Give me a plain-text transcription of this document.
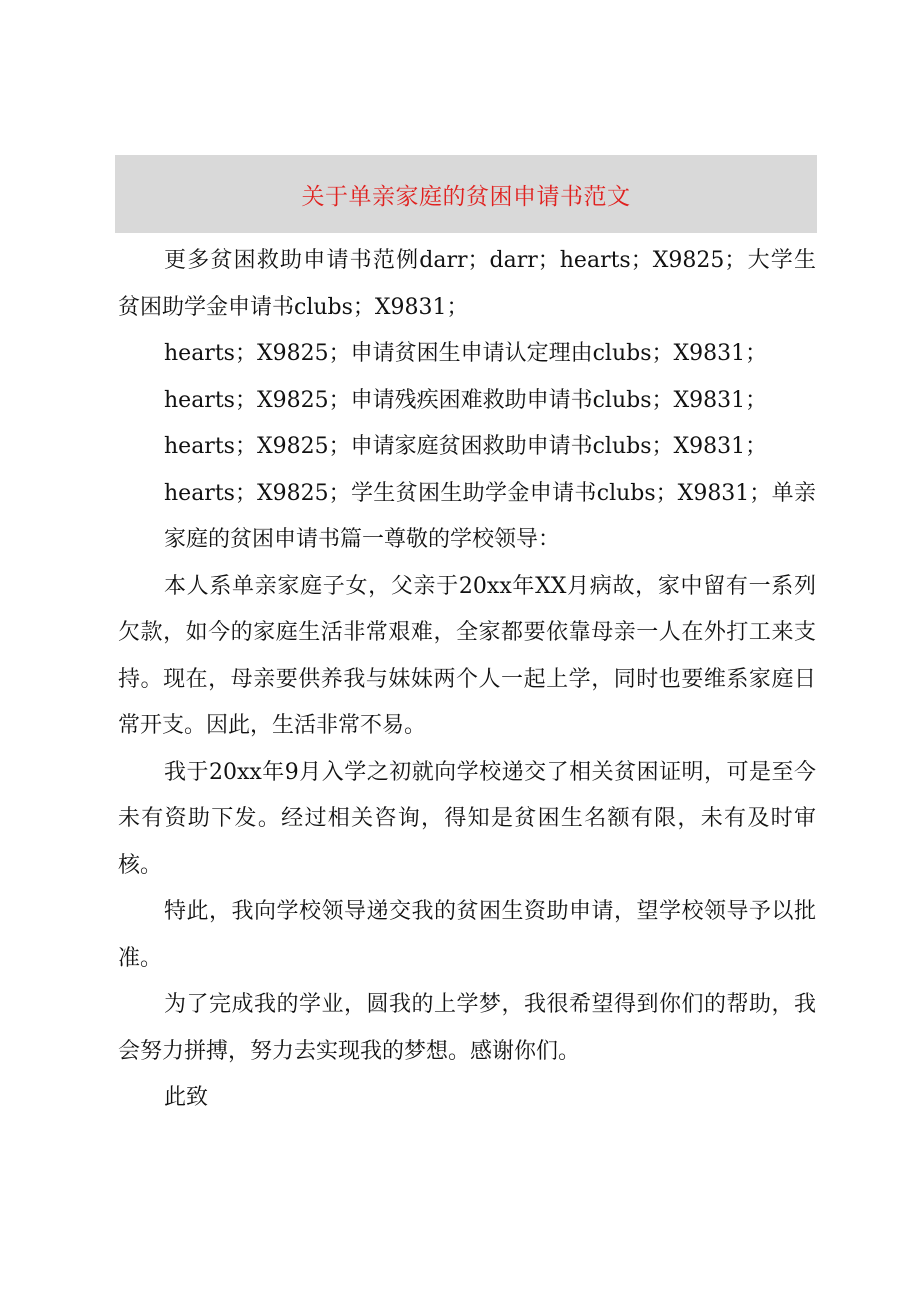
关于单亲家庭的贫困申请书范文

更多贫困救助申请书范例darr；darr；hearts；X9825；大学生贫困助学金申请书clubs；X9831；

hearts；X9825；申请贫困生申请认定理由clubs；X9831；

hearts；X9825；申请残疾困难救助申请书clubs；X9831；

hearts；X9825；申请家庭贫困救助申请书clubs；X9831；

hearts；X9825；学生贫困生助学金申请书clubs；X9831；单亲家庭的贫困申请书篇一尊敬的学校领导：

本人系单亲家庭子女，父亲于20xx年XX月病故，家中留有一系列欠款，如今的家庭生活非常艰难，全家都要依靠母亲一人在外打工来支持。现在，母亲要供养我与妹妹两个人一起上学，同时也要维系家庭日常开支。因此，生活非常不易。

我于20xx年9月入学之初就向学校递交了相关贫困证明，可是至今未有资助下发。经过相关咨询，得知是贫困生名额有限，未有及时审核。

特此，我向学校领导递交我的贫困生资助申请，望学校领导予以批准。

为了完成我的学业，圆我的上学梦，我很希望得到你们的帮助，我会努力拼搏，努力去实现我的梦想。感谢你们。

此致
